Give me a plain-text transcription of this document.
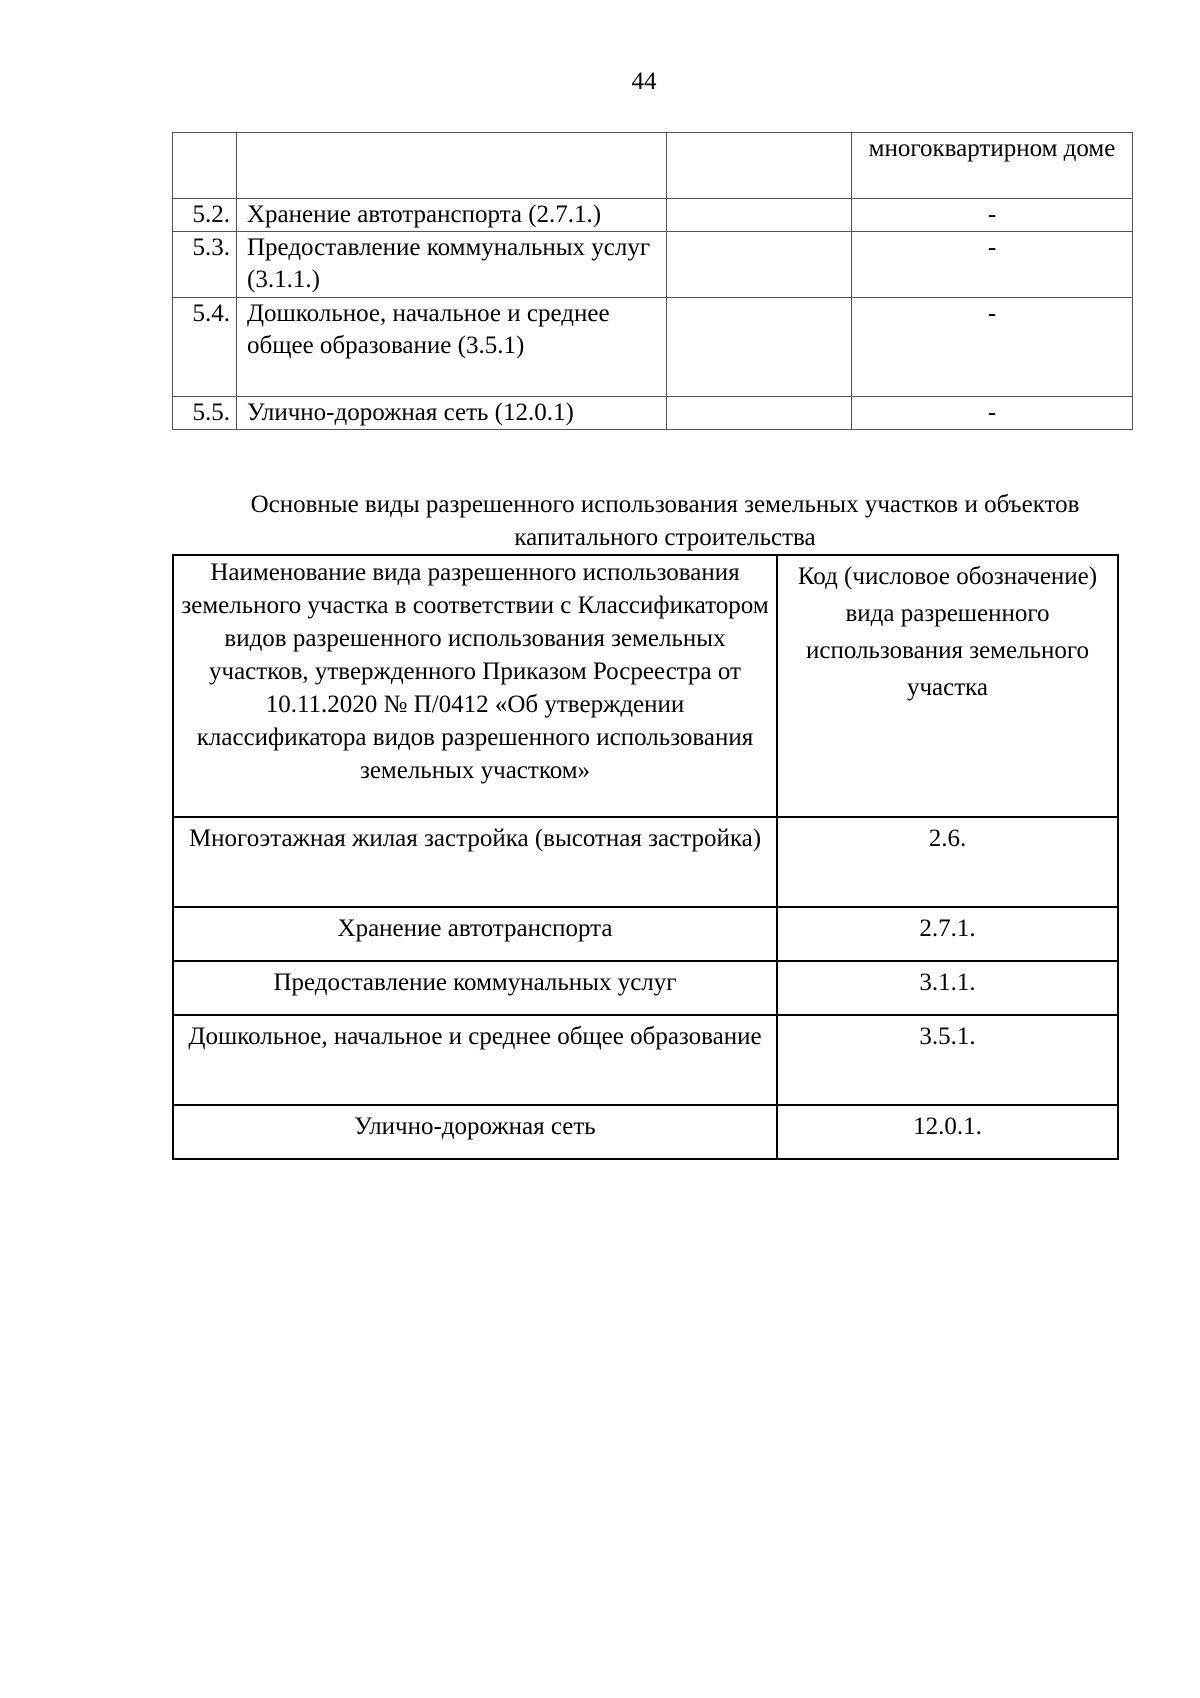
44
			многоквартирном доме
5.2.	Хранение автотранспорта (2.7.1.)		-
5.3.	Предоставление коммунальных услуг (3.1.1.)		-
5.4.	Дошкольное, начальное и среднее общее образование (3.5.1)		-
5.5.	Улично-дорожная сеть (12.0.1)		-
Основные виды разрешенного использования земельных участков и объектов капитального строительства
Наименование вида разрешенного использования земельного участка в соответствии с Классификатором видов разрешенного использования земельных участков, утвержденного Приказом Росреестра от 10.11.2020 № П/0412 «Об утверждении классификатора видов разрешенного использования земельных участком»	Код (числовое обозначение) вида разрешенного использования земельного участка
Многоэтажная жилая застройка (высотная застройка)	2.6.
Хранение автотранспорта	2.7.1.
Предоставление коммунальных услуг	3.1.1.
Дошкольное, начальное и среднее общее образование	3.5.1.
Улично-дорожная сеть	12.0.1.
